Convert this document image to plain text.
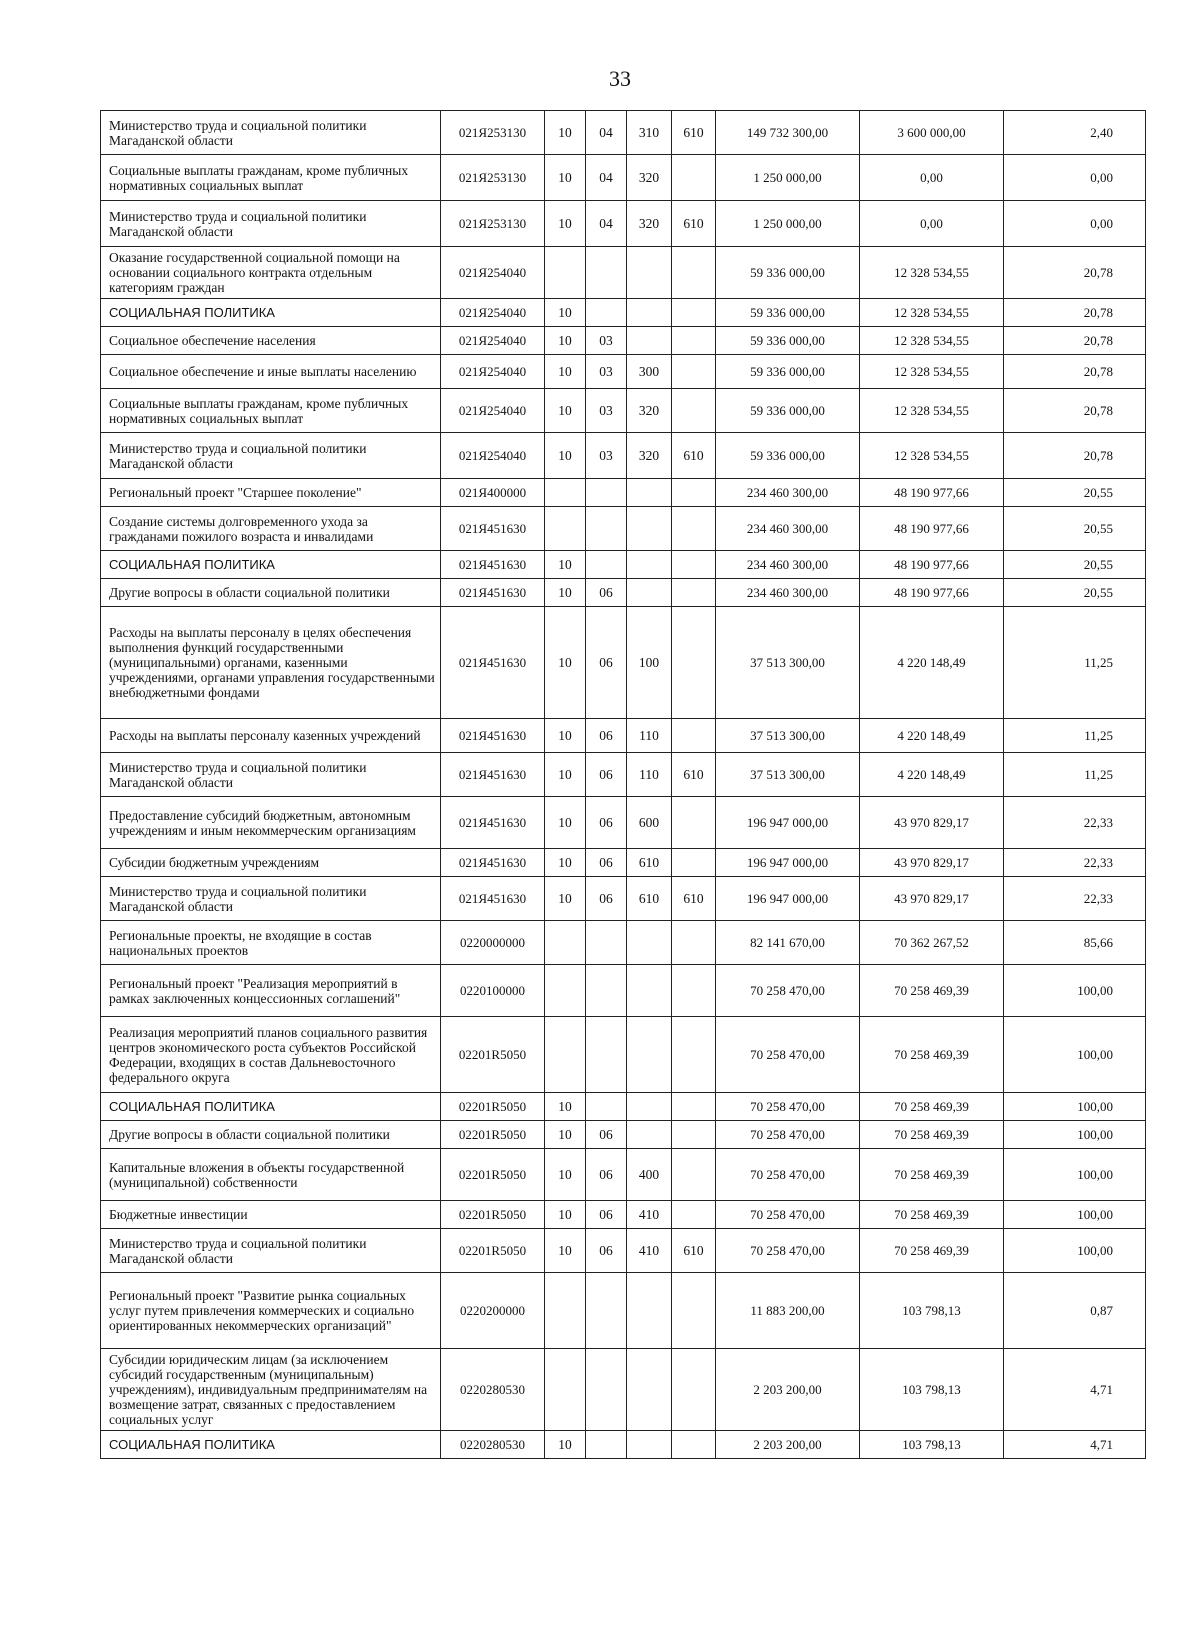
33
Министерство труда и социальной политики Магаданской области	021Я253130	10	04	310	610	149 732 300,00	3 600 000,00	2,40
Социальные выплаты гражданам, кроме публичных нормативных социальных выплат	021Я253130	10	04	320		1 250 000,00	0,00	0,00
Министерство труда и социальной политики Магаданской области	021Я253130	10	04	320	610	1 250 000,00	0,00	0,00
Оказание государственной социальной помощи на основании социального контракта отдельным категориям граждан	021Я254040					59 336 000,00	12 328 534,55	20,78
СОЦИАЛЬНАЯ ПОЛИТИКА	021Я254040	10				59 336 000,00	12 328 534,55	20,78
Социальное обеспечение населения	021Я254040	10	03			59 336 000,00	12 328 534,55	20,78
Социальное обеспечение и иные выплаты населению	021Я254040	10	03	300		59 336 000,00	12 328 534,55	20,78
Социальные выплаты гражданам, кроме публичных нормативных социальных выплат	021Я254040	10	03	320		59 336 000,00	12 328 534,55	20,78
Министерство труда и социальной политики Магаданской области	021Я254040	10	03	320	610	59 336 000,00	12 328 534,55	20,78
Региональный проект "Старшее поколение"	021Я400000					234 460 300,00	48 190 977,66	20,55
Создание системы долговременного ухода за гражданами пожилого возраста и инвалидами	021Я451630					234 460 300,00	48 190 977,66	20,55
СОЦИАЛЬНАЯ ПОЛИТИКА	021Я451630	10				234 460 300,00	48 190 977,66	20,55
Другие вопросы в области социальной политики	021Я451630	10	06			234 460 300,00	48 190 977,66	20,55
Расходы на выплаты персоналу в целях обеспечения выполнения функций государственными (муниципальными) органами, казенными учреждениями, органами управления государственными внебюджетными фондами	021Я451630	10	06	100		37 513 300,00	4 220 148,49	11,25
Расходы на выплаты персоналу казенных учреждений	021Я451630	10	06	110		37 513 300,00	4 220 148,49	11,25
Министерство труда и социальной политики Магаданской области	021Я451630	10	06	110	610	37 513 300,00	4 220 148,49	11,25
Предоставление субсидий бюджетным, автономным учреждениям и иным некоммерческим организациям	021Я451630	10	06	600		196 947 000,00	43 970 829,17	22,33
Субсидии бюджетным учреждениям	021Я451630	10	06	610		196 947 000,00	43 970 829,17	22,33
Министерство труда и социальной политики Магаданской области	021Я451630	10	06	610	610	196 947 000,00	43 970 829,17	22,33
Региональные проекты, не входящие в состав национальных проектов	0220000000					82 141 670,00	70 362 267,52	85,66
Региональный проект "Реализация мероприятий в рамках заключенных концессионных соглашений"	0220100000					70 258 470,00	70 258 469,39	100,00
Реализация мероприятий планов социального развития центров экономического роста субъектов Российской Федерации, входящих в состав Дальневосточного федерального округа	02201R5050					70 258 470,00	70 258 469,39	100,00
СОЦИАЛЬНАЯ ПОЛИТИКА	02201R5050	10				70 258 470,00	70 258 469,39	100,00
Другие вопросы в области социальной политики	02201R5050	10	06			70 258 470,00	70 258 469,39	100,00
Капитальные вложения в объекты государственной (муниципальной) собственности	02201R5050	10	06	400		70 258 470,00	70 258 469,39	100,00
Бюджетные инвестиции	02201R5050	10	06	410		70 258 470,00	70 258 469,39	100,00
Министерство труда и социальной политики Магаданской области	02201R5050	10	06	410	610	70 258 470,00	70 258 469,39	100,00
Региональный проект "Развитие рынка социальных услуг путем привлечения коммерческих и социально ориентированных некоммерческих организаций"	0220200000					11 883 200,00	103 798,13	0,87
Субсидии юридическим лицам (за исключением субсидий государственным (муниципальным) учреждениям), индивидуальным предпринимателям на возмещение затрат, связанных с предоставлением социальных услуг	0220280530					2 203 200,00	103 798,13	4,71
СОЦИАЛЬНАЯ ПОЛИТИКА	0220280530	10				2 203 200,00	103 798,13	4,71
